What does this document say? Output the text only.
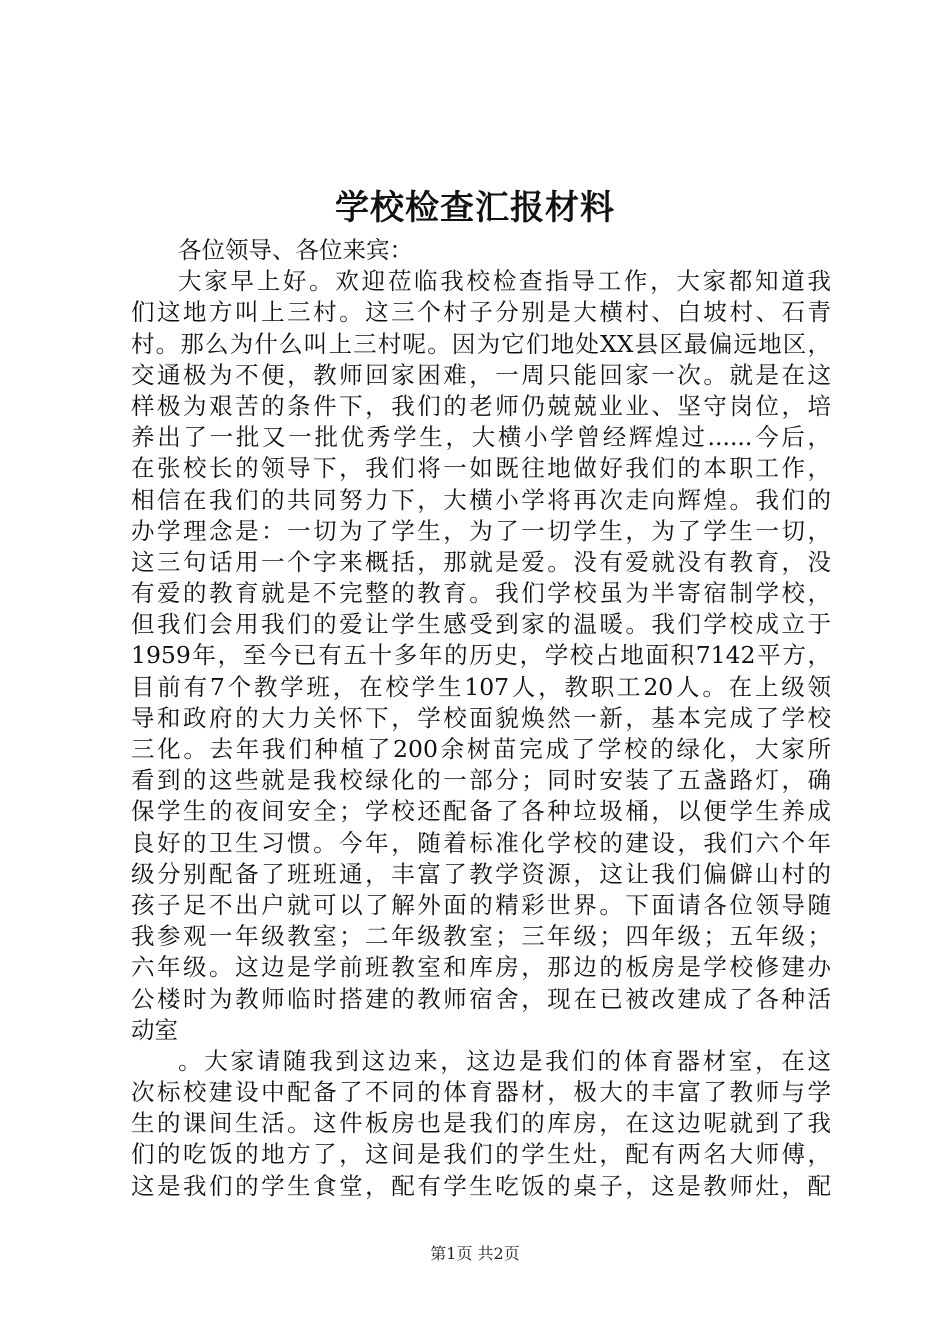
学校检查汇报材料
各位领导、各位来宾：
大家早上好。欢迎莅临我校检查指导工作，大家都知道我
们这地方叫上三村。这三个村子分别是大横村、白坡村、石青
村。那么为什么叫上三村呢。因为它们地处XX县区最偏远地区，
交通极为不便，教师回家困难，一周只能回家一次。就是在这
样极为艰苦的条件下，我们的老师仍兢兢业业、坚守岗位，培
养出了一批又一批优秀学生，大横小学曾经辉煌过......今后，
在张校长的领导下，我们将一如既往地做好我们的本职工作，
相信在我们的共同努力下，大横小学将再次走向辉煌。我们的
办学理念是：一切为了学生，为了一切学生，为了学生一切，
这三句话用一个字来概括，那就是爱。没有爱就没有教育，没
有爱的教育就是不完整的教育。我们学校虽为半寄宿制学校，
但我们会用我们的爱让学生感受到家的温暖。我们学校成立于
1959年，至今已有五十多年的历史，学校占地面积7142平方，
目前有7个教学班，在校学生107人，教职工20人。在上级领
导和政府的大力关怀下，学校面貌焕然一新，基本完成了学校
三化。去年我们种植了200余树苗完成了学校的绿化，大家所
看到的这些就是我校绿化的一部分；同时安装了五盏路灯，确
保学生的夜间安全；学校还配备了各种垃圾桶，以便学生养成
良好的卫生习惯。今年，随着标准化学校的建设，我们六个年
级分别配备了班班通，丰富了教学资源，这让我们偏僻山村的
孩子足不出户就可以了解外面的精彩世界。下面请各位领导随
我参观一年级教室；二年级教室；三年级；四年级；五年级；
六年级。这边是学前班教室和库房，那边的板房是学校修建办
公楼时为教师临时搭建的教师宿舍，现在已被改建成了各种活
动室
。大家请随我到这边来，这边是我们的体育器材室，在这
次标校建设中配备了不同的体育器材，极大的丰富了教师与学
生的课间生活。这件板房也是我们的库房，在这边呢就到了我
们的吃饭的地方了，这间是我们的学生灶，配有两名大师傅，
这是我们的学生食堂，配有学生吃饭的桌子，这是教师灶，配
第1页 共2页
